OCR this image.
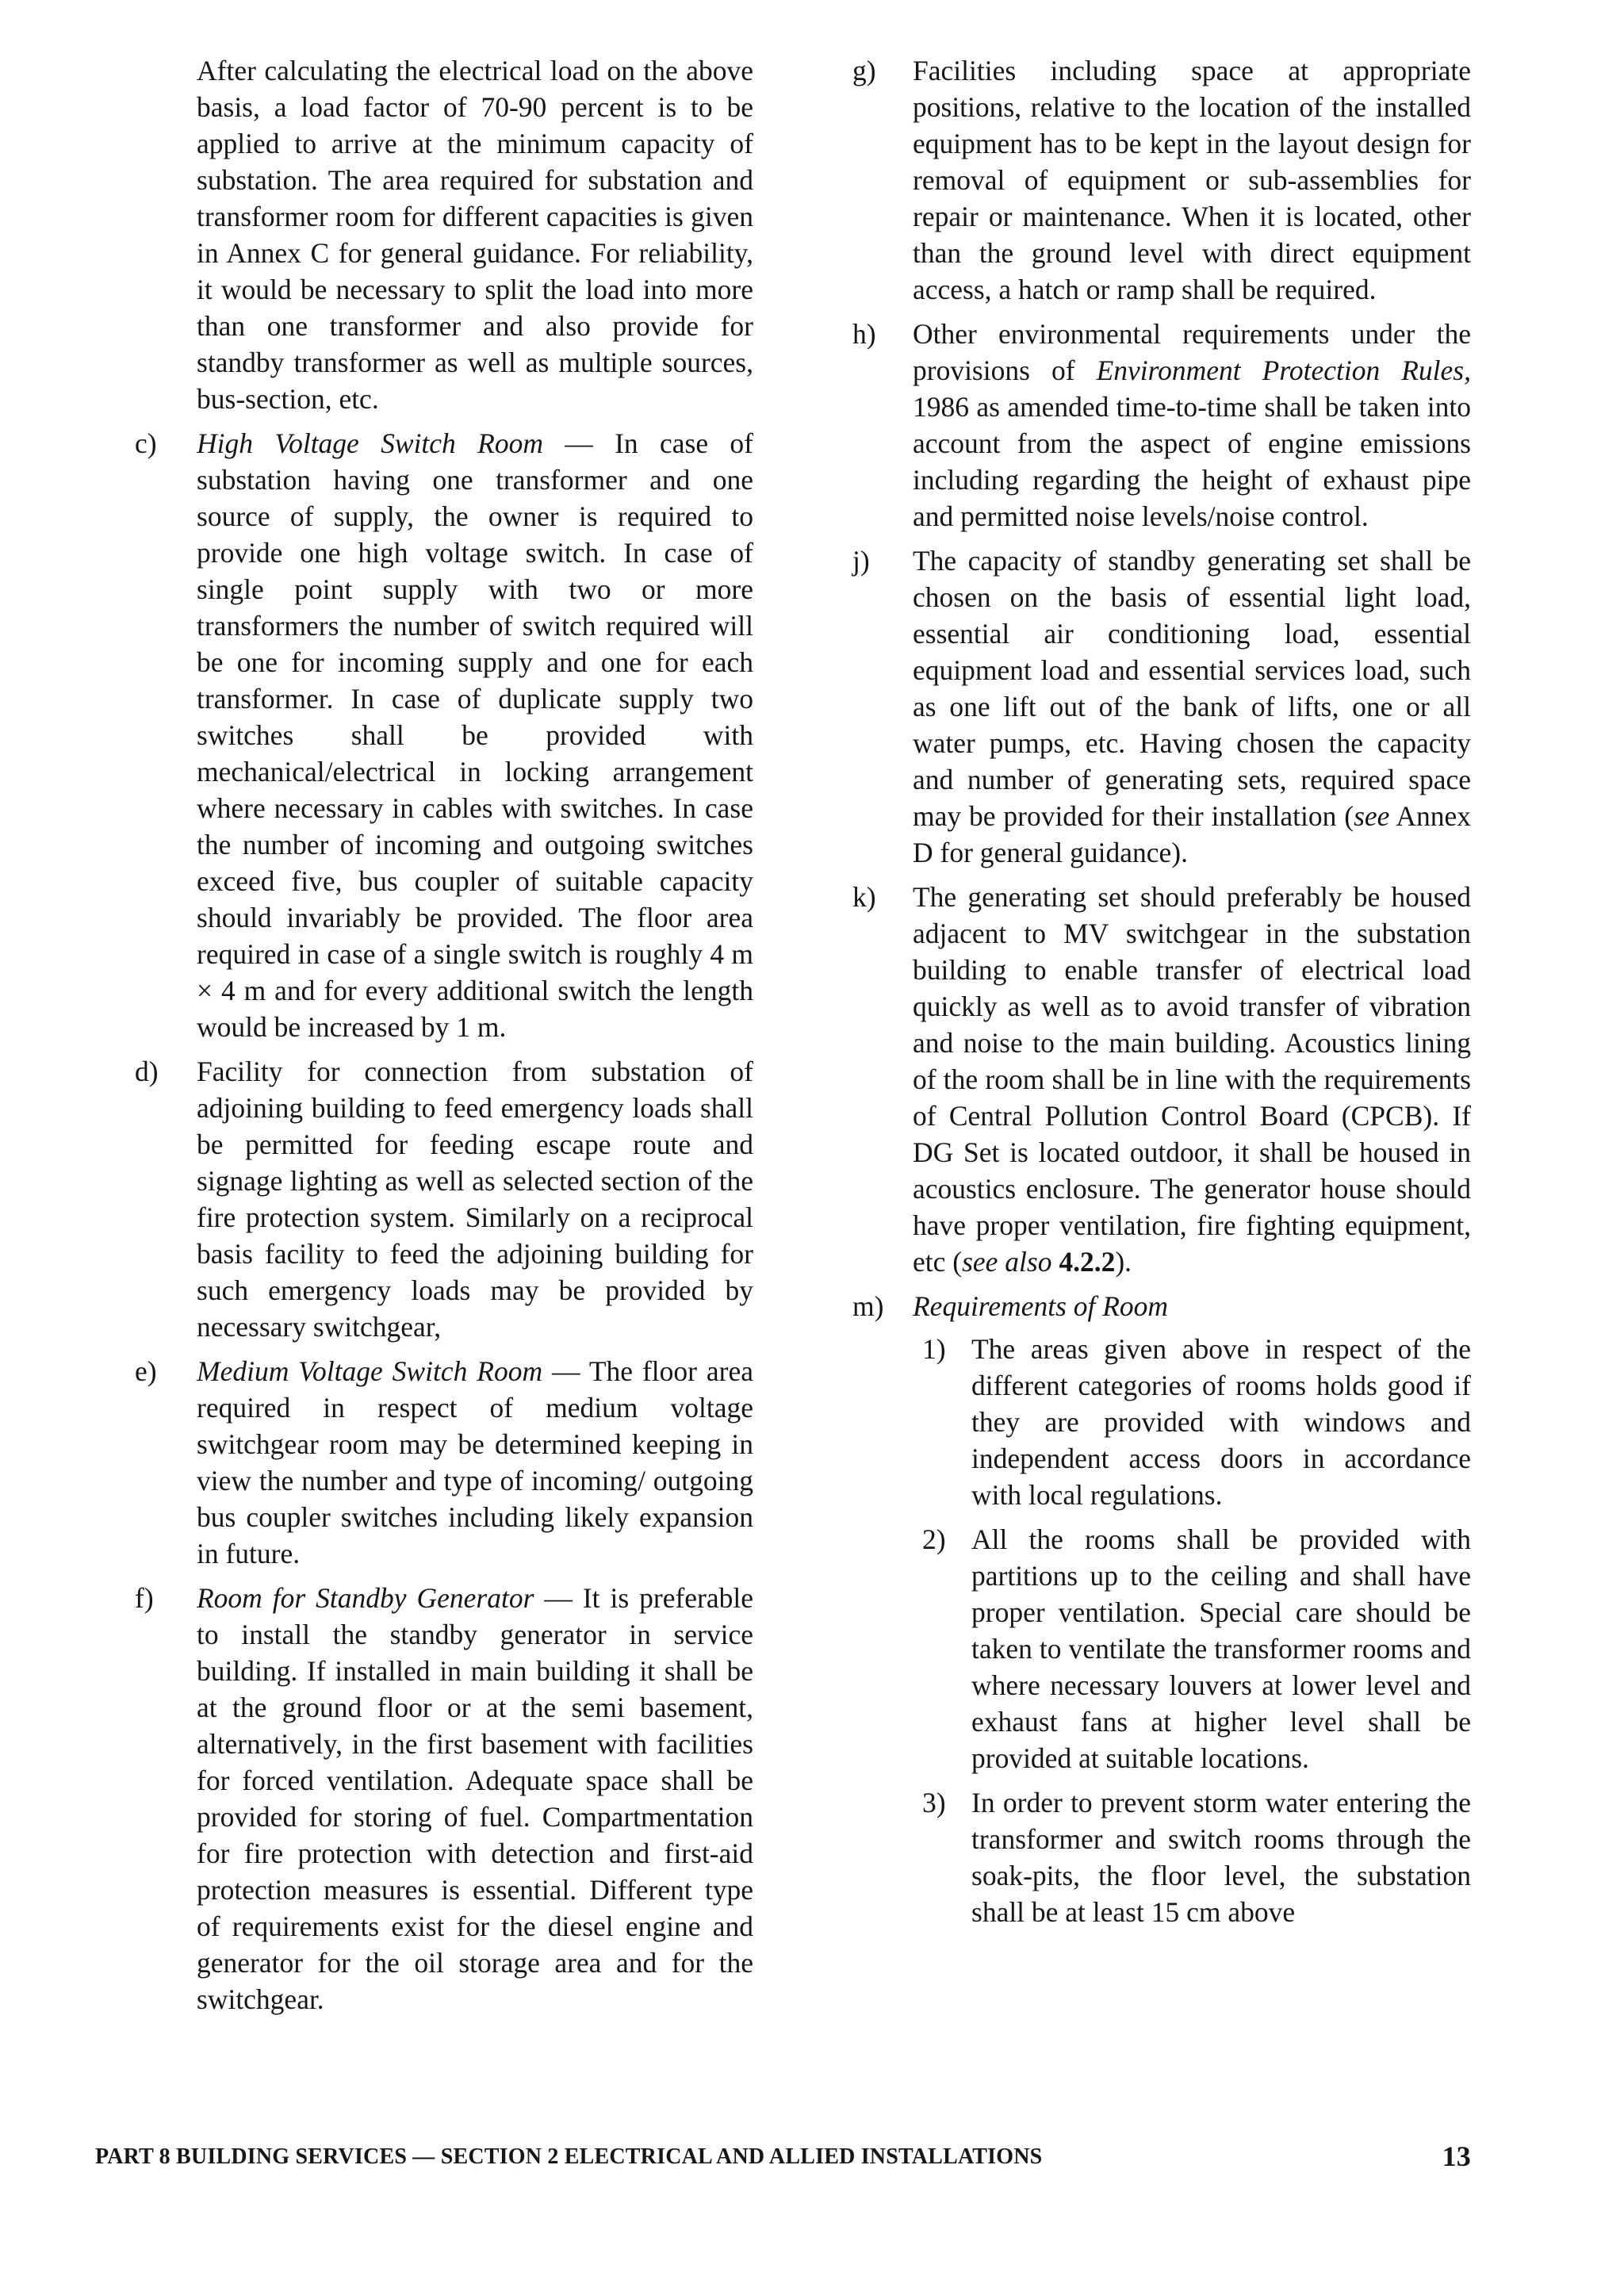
After calculating the electrical load on the above basis, a load factor of 70-90 percent is to be applied to arrive at the minimum capacity of substation. The area required for substation and transformer room for different capacities is given in Annex C for general guidance. For reliability, it would be necessary to split the load into more than one transformer and also provide for standby transformer as well as multiple sources, bus-section, etc.

c) High Voltage Switch Room — In case of substation having one transformer and one source of supply, the owner is required to provide one high voltage switch. In case of single point supply with two or more transformers the number of switch required will be one for incoming supply and one for each transformer. In case of duplicate supply two switches shall be provided with mechanical/electrical in locking arrangement where necessary in cables with switches. In case the number of incoming and outgoing switches exceed five, bus coupler of suitable capacity should invariably be provided. The floor area required in case of a single switch is roughly 4 m × 4 m and for every additional switch the length would be increased by 1 m.

d) Facility for connection from substation of adjoining building to feed emergency loads shall be permitted for feeding escape route and signage lighting as well as selected section of the fire protection system. Similarly on a reciprocal basis facility to feed the adjoining building for such emergency loads may be provided by necessary switchgear,

e) Medium Voltage Switch Room — The floor area required in respect of medium voltage switchgear room may be determined keeping in view the number and type of incoming/ outgoing bus coupler switches including likely expansion in future.

f) Room for Standby Generator — It is preferable to install the standby generator in service building. If installed in main building it shall be at the ground floor or at the semi basement, alternatively, in the first basement with facilities for forced ventilation. Adequate space shall be provided for storing of fuel. Compartmentation for fire protection with detection and first-aid protection measures is essential. Different type of requirements exist for the diesel engine and generator for the oil storage area and for the switchgear.

g) Facilities including space at appropriate positions, relative to the location of the installed equipment has to be kept in the layout design for removal of equipment or sub-assemblies for repair or maintenance. When it is located, other than the ground level with direct equipment access, a hatch or ramp shall be required.

h) Other environmental requirements under the provisions of Environment Protection Rules, 1986 as amended time-to-time shall be taken into account from the aspect of engine emissions including regarding the height of exhaust pipe and permitted noise levels/noise control.

j) The capacity of standby generating set shall be chosen on the basis of essential light load, essential air conditioning load, essential equipment load and essential services load, such as one lift out of the bank of lifts, one or all water pumps, etc. Having chosen the capacity and number of generating sets, required space may be provided for their installation (see Annex D for general guidance).

k) The generating set should preferably be housed adjacent to MV switchgear in the substation building to enable transfer of electrical load quickly as well as to avoid transfer of vibration and noise to the main building. Acoustics lining of the room shall be in line with the requirements of Central Pollution Control Board (CPCB). If DG Set is located outdoor, it shall be housed in acoustics enclosure. The generator house should have proper ventilation, fire fighting equipment, etc (see also 4.2.2).

m) Requirements of Room

1) The areas given above in respect of the different categories of rooms holds good if they are provided with windows and independent access doors in accordance with local regulations.

2) All the rooms shall be provided with partitions up to the ceiling and shall have proper ventilation. Special care should be taken to ventilate the transformer rooms and where necessary louvers at lower level and exhaust fans at higher level shall be provided at suitable locations.

3) In order to prevent storm water entering the transformer and switch rooms through the soak-pits, the floor level, the substation shall be at least 15 cm above

PART 8 BUILDING SERVICES — SECTION 2 ELECTRICAL AND ALLIED INSTALLATIONS	13
